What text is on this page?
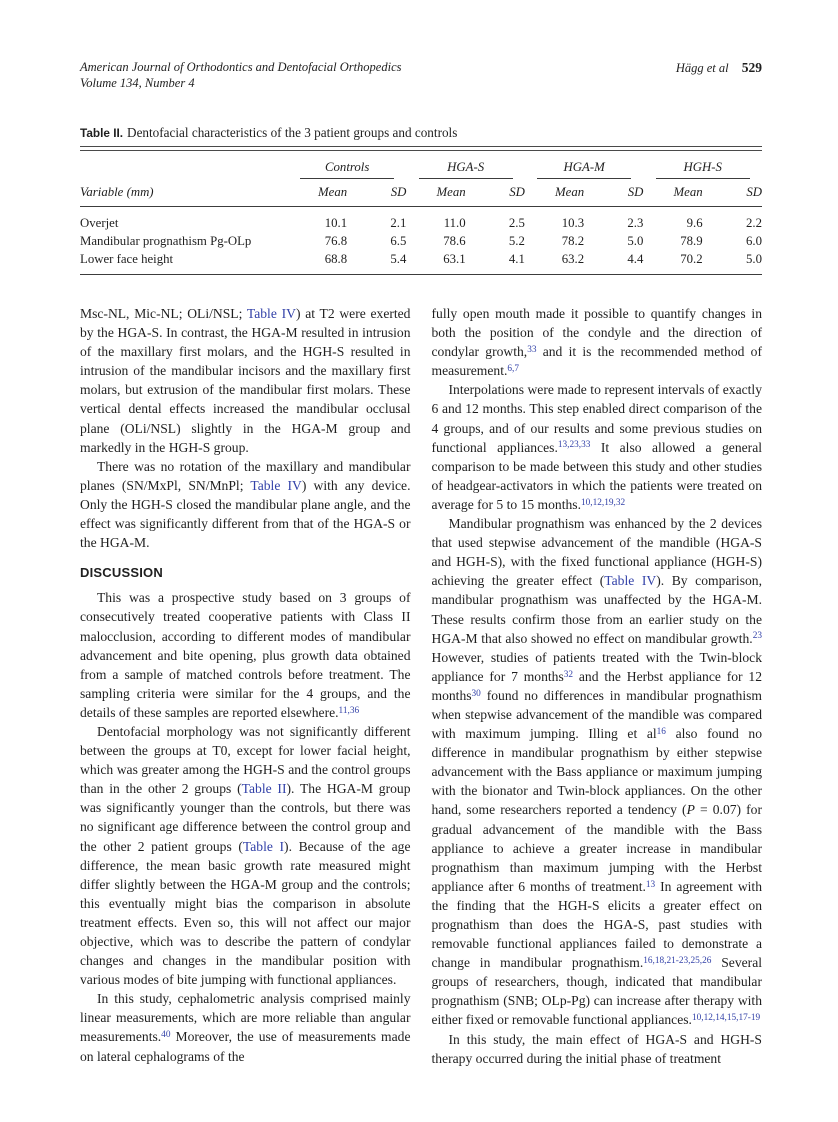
American Journal of Orthodontics and Dentofacial Orthopedics
Volume 134, Number 4
Hägg et al 529
Table II. Dentofacial characteristics of the 3 patient groups and controls
	Controls		HGA-S		HGA-M		HGH-S	
Variable (mm)	Mean	SD	Mean	SD	Mean	SD	Mean	SD
Overjet	10.1	2.1	11.0	2.5	10.3	2.3	9.6	2.2
Mandibular prognathism Pg-OLp	76.8	6.5	78.6	5.2	78.2	5.0	78.9	6.0
Lower face height	68.8	5.4	63.1	4.1	63.2	4.4	70.2	5.0

Msc-NL, Mic-NL; OLi/NSL; Table IV) at T2 were exerted by the HGA-S. In contrast, the HGA-M resulted in intrusion of the maxillary first molars, and the HGH-S resulted in intrusion of the mandibular incisors and the maxillary first molars, but extrusion of the mandibular first molars. These vertical dental effects increased the mandibular occlusal plane (OLi/NSL) slightly in the HGA-M group and markedly in the HGH-S group.

There was no rotation of the maxillary and mandibular planes (SN/MxPl, SN/MnPl; Table IV) with any device. Only the HGH-S closed the mandibular plane angle, and the effect was significantly different from that of the HGA-S or the HGA-M.

DISCUSSION

This was a prospective study based on 3 groups of consecutively treated cooperative patients with Class II malocclusion, according to different modes of mandibular advancement and bite opening, plus growth data obtained from a sample of matched controls before treatment. The sampling criteria were similar for the 4 groups, and the details of these samples are reported elsewhere.$^{11,36}$

Dentofacial morphology was not significantly different between the groups at T0, except for lower facial height, which was greater among the HGH-S and the control groups than in the other 2 groups (Table II). The HGA-M group was significantly younger than the controls, but there was no significant age difference between the control group and the other 2 patient groups (Table I). Because of the age difference, the mean basic growth rate measured might differ slightly between the HGA-M group and the controls; this eventually might bias the comparison in absolute treatment effects. Even so, this will not affect our major objective, which was to describe the pattern of condylar changes and changes in the mandibular position with various modes of bite jumping with functional appliances.

In this study, cephalometric analysis comprised mainly linear measurements, which are more reliable than angular measurements.$^{40}$ Moreover, the use of measurements made on lateral cephalograms of the

fully open mouth made it possible to quantify changes in both the position of the condyle and the direction of condylar growth,$^{33}$ and it is the recommended method of measurement.$^{6,7}$

Interpolations were made to represent intervals of exactly 6 and 12 months. This step enabled direct comparison of the 4 groups, and of our results and some previous studies on functional appliances.$^{13,23,33}$ It also allowed a general comparison to be made between this study and other studies of headgear-activators in which the patients were treated on average for 5 to 15 months.$^{10,12,19,32}$

Mandibular prognathism was enhanced by the 2 devices that used stepwise advancement of the mandible (HGA-S and HGH-S), with the fixed functional appliance (HGH-S) achieving the greater effect (Table IV). By comparison, mandibular prognathism was unaffected by the HGA-M. These results confirm those from an earlier study on the HGA-M that also showed no effect on mandibular growth.$^{23}$ However, studies of patients treated with the Twin-block appliance for 7 months$^{32}$ and the Herbst appliance for 12 months$^{30}$ found no differences in mandibular prognathism when stepwise advancement of the mandible was compared with maximum jumping. Illing et al$^{16}$ also found no difference in mandibular prognathism by either stepwise advancement with the Bass appliance or maximum jumping with the bionator and Twin-block appliances. On the other hand, some researchers reported a tendency (P = 0.07) for gradual advancement of the mandible with the Bass appliance to achieve a greater increase in mandibular prognathism than maximum jumping with the Herbst appliance after 6 months of treatment.$^{13}$ In agreement with the finding that the HGH-S elicits a greater effect on prognathism than does the HGA-S, past studies with removable functional appliances failed to demonstrate a change in mandibular prognathism.$^{16,18,21-23,25,26}$ Several groups of researchers, though, indicated that mandibular prognathism (SNB; OLp-Pg) can increase after therapy with either fixed or removable functional appliances.$^{10,12,14,15,17-19}$

In this study, the main effect of HGA-S and HGH-S therapy occurred during the initial phase of treatment
